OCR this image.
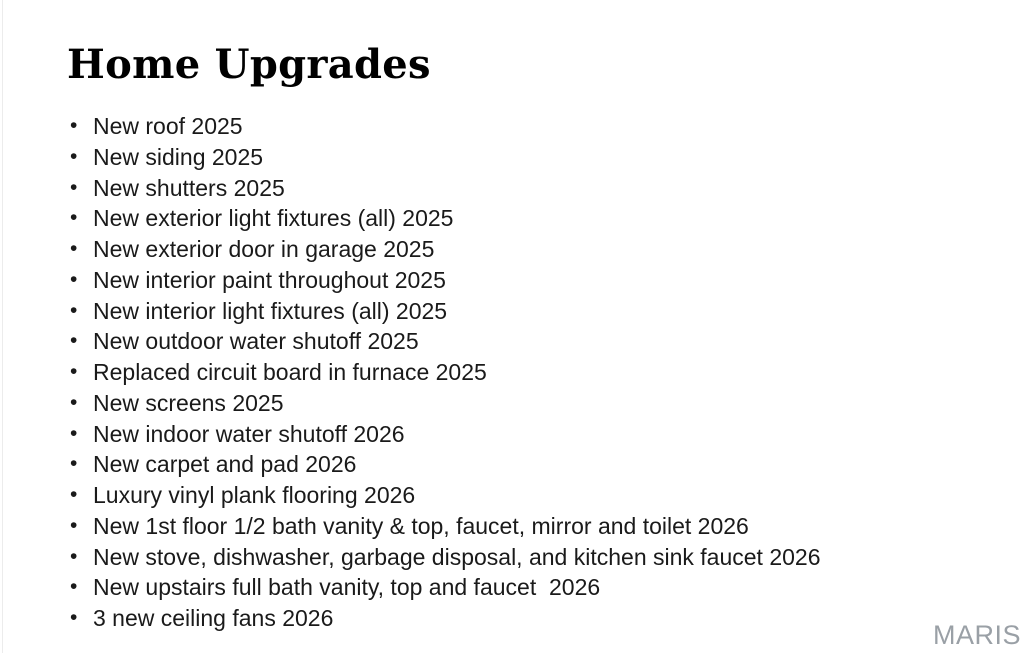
Home Upgrades
• New roof 2025
• New siding 2025
• New shutters 2025
• New exterior light fixtures (all) 2025
• New exterior door in garage 2025
• New interior paint throughout 2025
• New interior light fixtures (all) 2025
• New outdoor water shutoff 2025
• Replaced circuit board in furnace 2025
• New screens 2025
• New indoor water shutoff 2026
• New carpet and pad 2026
• Luxury vinyl plank flooring 2026
• New 1st floor 1/2 bath vanity & top, faucet, mirror and toilet 2026
• New stove, dishwasher, garbage disposal, and kitchen sink faucet 2026
• New upstairs full bath vanity, top and faucet  2026
• 3 new ceiling fans 2026
MARIS
